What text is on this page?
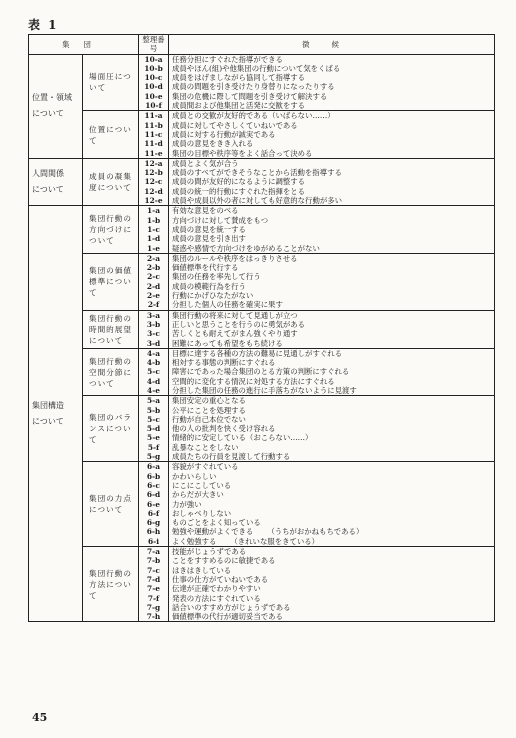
表 1
集団		整理番号	徴候

位置・領域
について	場面圧について	10-a	任務分担にすぐれた指導ができる
		10-b	成員やほん(組)や他集団の行動について気をくばる
		10-c	成員をはげましながら協同して指導する
		10-d	成員の問題を引き受けたり身替りになったりする
		10-e	集団の危機に際して問題を引き受けて解決する
		10-f	成員間および他集団と活発に交歓をする
	位置について	11-a	成員との交歓が友好的である（いばらない……）
		11-b	成員に対してやさしくていねいである
		11-c	成員に対する行動が誠実である
		11-d	成員の意見をきき入れる
		11-e	集団の目標や秩序等をよく話合って決める

人間関係
について	成員の凝集度について	12-a	成員とよく気が合う
		12-b	成員のすべてができそうなことから活動を指導する
		12-c	成員の間が友好的になるように調整する
		12-d	成員の統一的行動にすぐれた指揮をとる
		12-e	成員や成員以外の者に対しても好意的な行動が多い

集団構造
について	集団行動の方向づけについて	1-a	有効な意見をのべる
		1-b	方向づけに対して賛成をもつ
		1-c	成員の意見を統一する
		1-d	成員の意見を引き出す
		1-e	疑惑や感情で方向づけをゆがめることがない
	集団の価値標準について	2-a	集団のルールや秩序をはっきりさせる
		2-b	価値標準を代行する
		2-c	集団の任務を率先して行う
		2-d	成員の模範行為を行う
		2-e	行動にかげひなたがない
		2-f	分担した個人の任務を確実に果す
	集団行動の時間的展望について	3-a	集団行動の将来に対して見通しが立つ
		3-b	正しいと思うことを行うのに勇気がある
		3-c	苦しくとも耐えてがまん強くやり通す
		3-d	困難にあっても希望をもち続ける
	集団行動の空間分節について	4-a	目標に達する各種の方法の難易に見通しがすぐれる
		4-b	相対する事態の判断にすぐれる
		5-c	障害にであった場合集団のとる方策の判断にすぐれる
		4-d	空間的に変化する情況に対処する方法にすぐれる
		4-e	分担した集団の任務の進行に手落ちがないように見渡す
	集団のバランスについて	5-a	集団安定の重心となる
		5-b	公平にことを処理する
		5-c	行動が自己本位でない
		5-d	他の人の批判を快く受け容れる
		5-e	情緒的に安定している（おこらない……）
		5-f	乱暴なことをしない
		5-g	成員たちの行員を見渡して行動する
	集団の力点について	6-a	容貌がすぐれている
		6-b	かわいらしい
		6-c	にこにこしている
		6-d	からだが大きい
		6-e	力が強い
		6-f	おしゃべりしない
		6-g	ものごとをよく知っている
		6-h	勉強や運動がよくできる （うちがおかねもちである）
		6-i	よく勉強する （きれいな服をきている）
	集団行動の方法について	7-a	技能がじょうずである
		7-b	ことをすすめるのに敏捷である
		7-c	はきはきしている
		7-d	仕事の仕方がていねいである
		7-e	伝達が正確でわかりやすい
		7-f	発表の方法にすぐれている
		7-g	話合いのすすめ方がじょうずである
		7-h	価値標準の代行が適切妥当である
45
